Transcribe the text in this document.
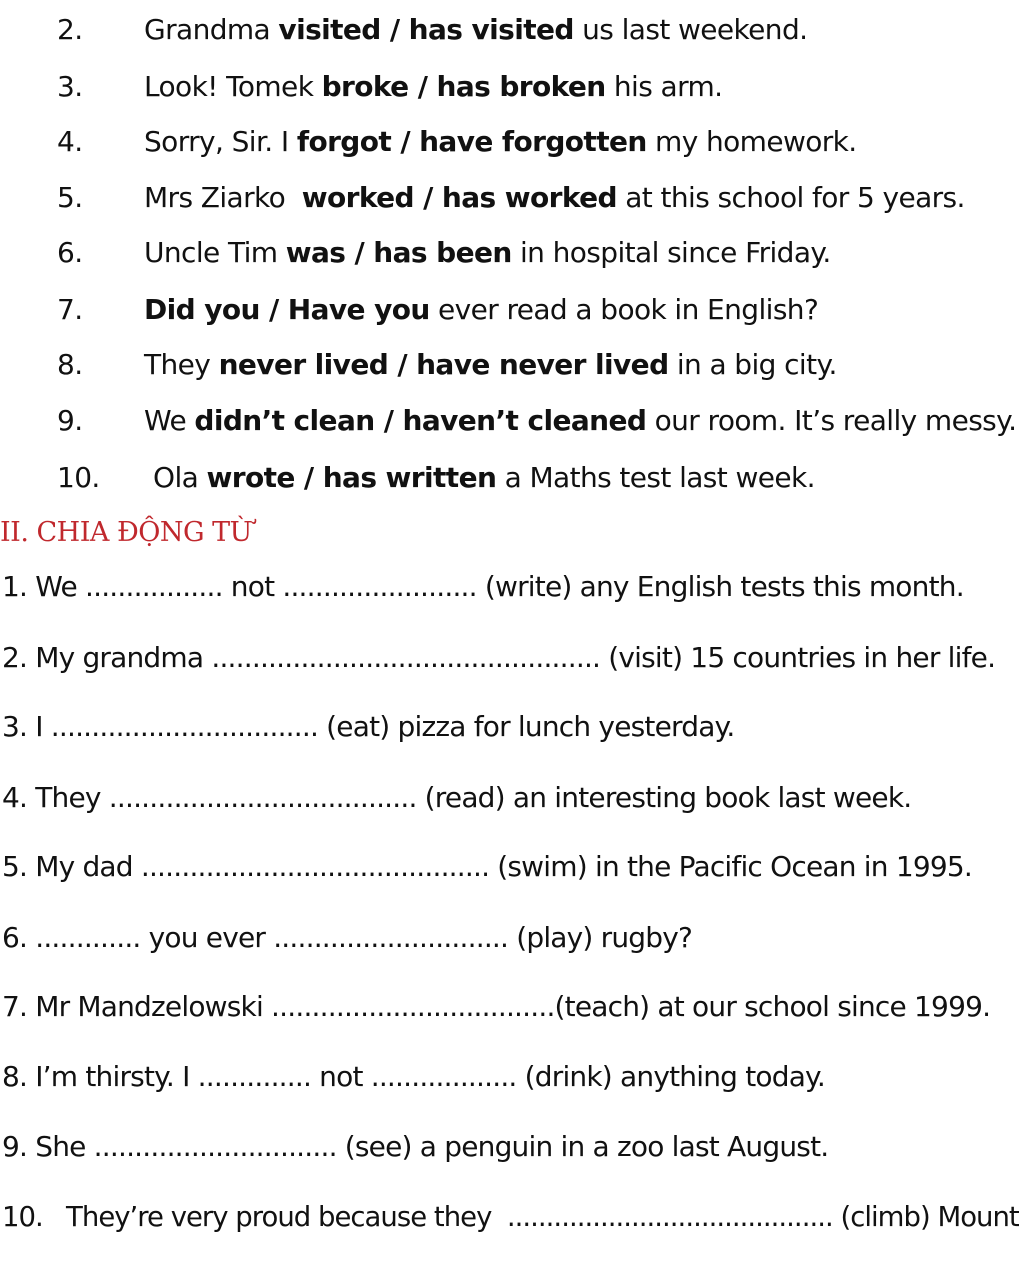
2. Grandma visited / has visited us last weekend.
3. Look! Tomek broke / has broken his arm.
4. Sorry, Sir. I forgot / have forgotten my homework.
5. Mrs Ziarko  worked / has worked at this school for 5 years.
6. Uncle Tim was / has been in hospital since Friday.
7. Did you / Have you ever read a book in English?
8. They never lived / have never lived in a big city.
9. We didn’t clean / haven’t cleaned our room. It’s really messy.
10. Ola wrote / has written a Maths test last week.
II. CHIA ĐỘNG TỪ
1. We ................. not ........................ (write) any English tests this month.
2. My grandma ................................................ (visit) 15 countries in her life.
3. I ................................. (eat) pizza for lunch yesterday.
4. They ...................................... (read) an interesting book last week.
5. My dad ........................................... (swim) in the Pacific Ocean in 1995.
6. ............. you ever ............................. (play) rugby?
7. Mr Mandzelowski ...................................(teach) at our school since 1999.
8. I’m thirsty. I .............. not .................. (drink) anything today.
9. She .............................. (see) a penguin in a zoo last August.
10.   They’re very proud because they  .......................................... (climb) Mount
